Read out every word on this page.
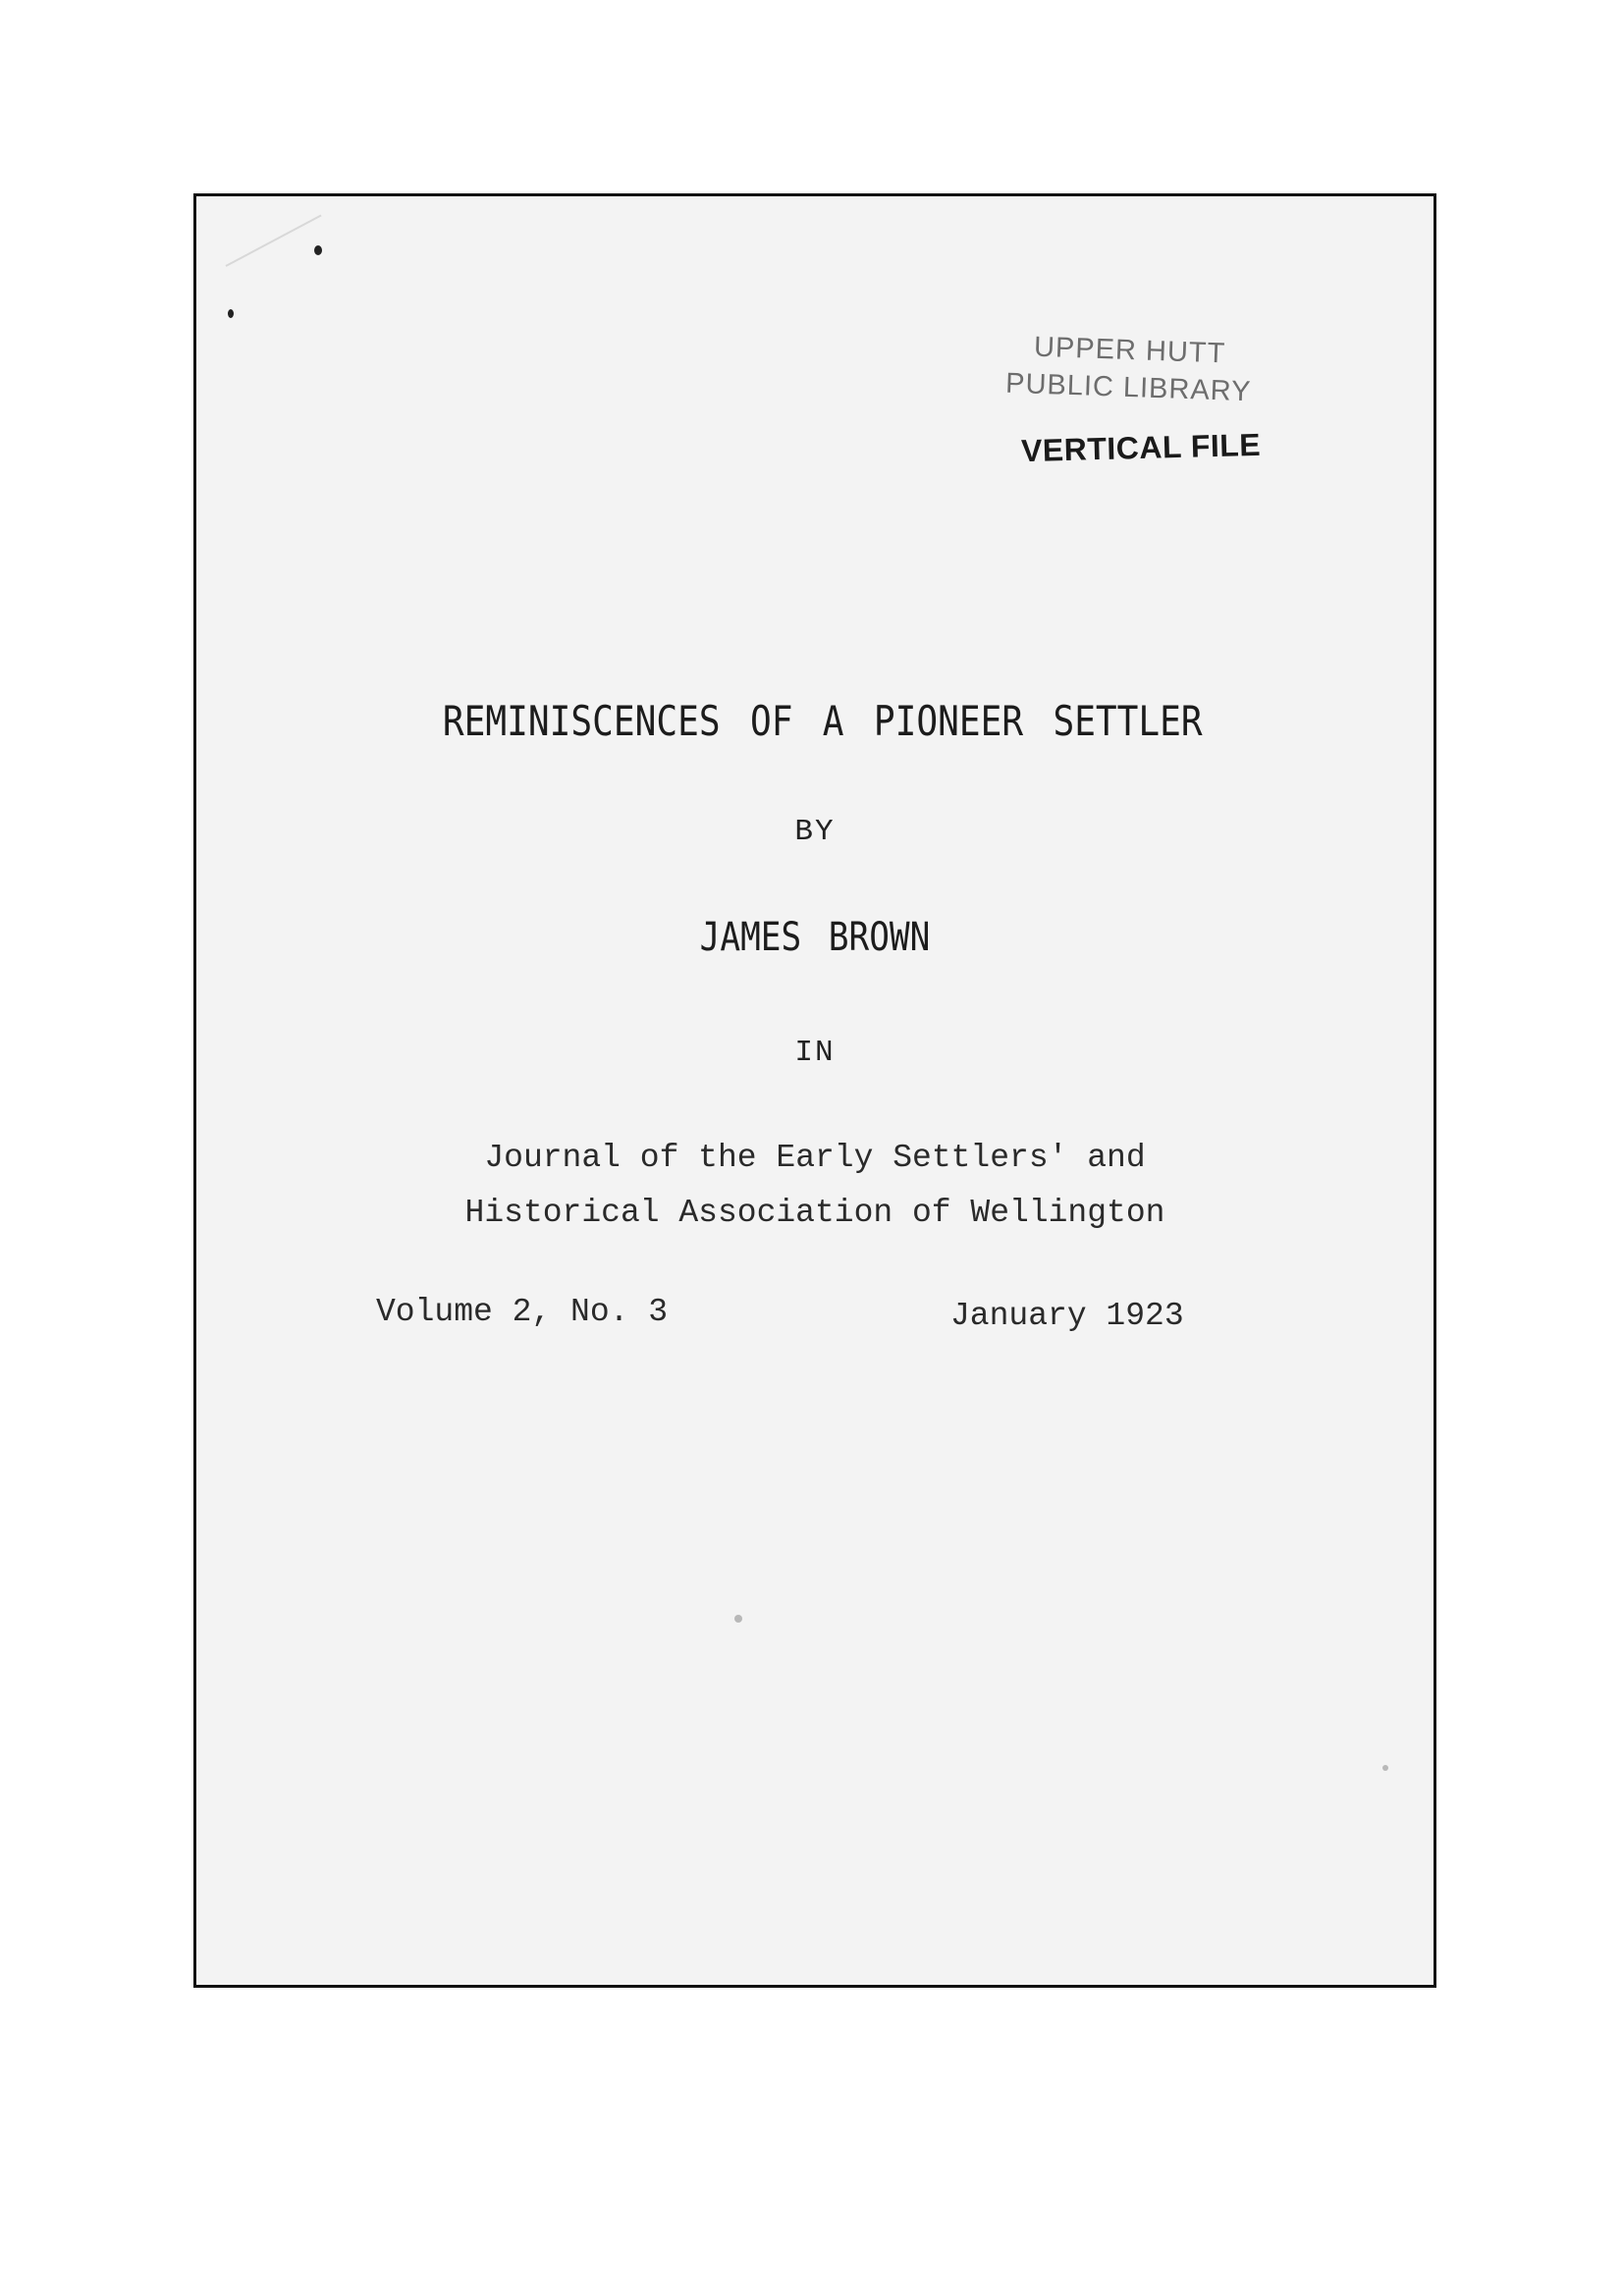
UPPER HUTT
PUBLIC LIBRARY
VERTICAL FILE
REMINISCENCES OF A PIONEER SETTLER
BY
JAMES BROWN
IN
Journal of the Early Settlers' and
Historical Association of Wellington
Volume 2, No. 3	January 1923
